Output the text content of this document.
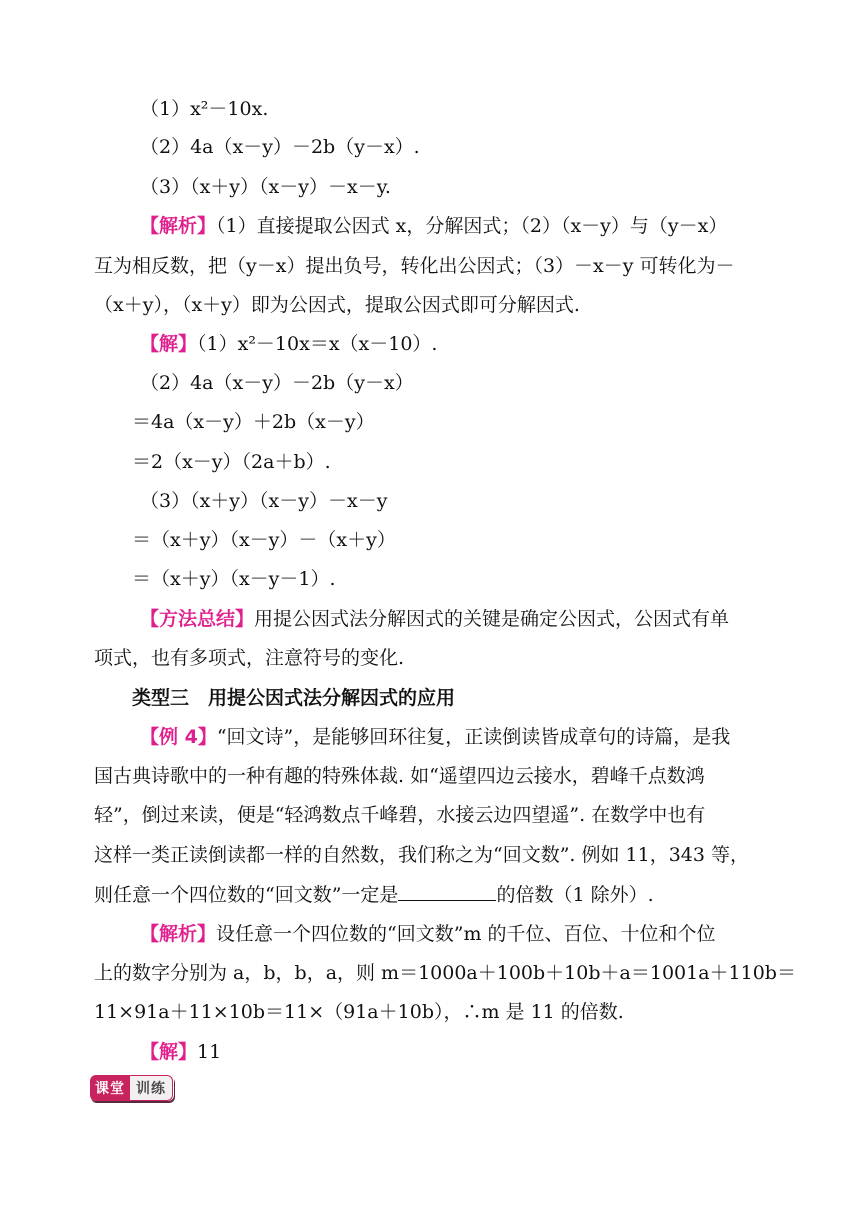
（1）x²－10x.
（2）4a（x－y）－2b（y－x）.
（3）（x＋y）（x－y）－x－y.
【解析】（1）直接提取公因式 x，分解因式；（2）（x－y）与（y－x）
互为相反数，把（y－x）提出负号，转化出公因式；（3）－x－y 可转化为－
（x＋y），（x＋y）即为公因式，提取公因式即可分解因式.
【解】（1）x²－10x＝x（x－10）.
（2）4a（x－y）－2b（y－x）
＝4a（x－y）＋2b（x－y）
＝2（x－y）（2a＋b）.
（3）（x＋y）（x－y）－x－y
＝（x＋y）（x－y）－（x＋y）
＝（x＋y）（x－y－1）.
【方法总结】用提公因式法分解因式的关键是确定公因式，公因式有单
项式，也有多项式，注意符号的变化.
类型三　用提公因式法分解因式的应用
【例 4】“回文诗”，是能够回环往复，正读倒读皆成章句的诗篇，是我
国古典诗歌中的一种有趣的特殊体裁. 如“遥望四边云接水，碧峰千点数鸿
轻”，倒过来读，便是“轻鸿数点千峰碧，水接云边四望遥”. 在数学中也有
这样一类正读倒读都一样的自然数，我们称之为“回文数”. 例如 11，343 等，
则任意一个四位数的“回文数”一定是	的倍数（1 除外）.
【解析】设任意一个四位数的“回文数”m 的千位、百位、十位和个位
上的数字分别为 a，b，b，a，则 m＝1000a＋100b＋10b＋a＝1001a＋110b＝
11×91a＋11×10b＝11×（91a＋10b），∴m 是 11 的倍数.
【解】11
课堂 训练
